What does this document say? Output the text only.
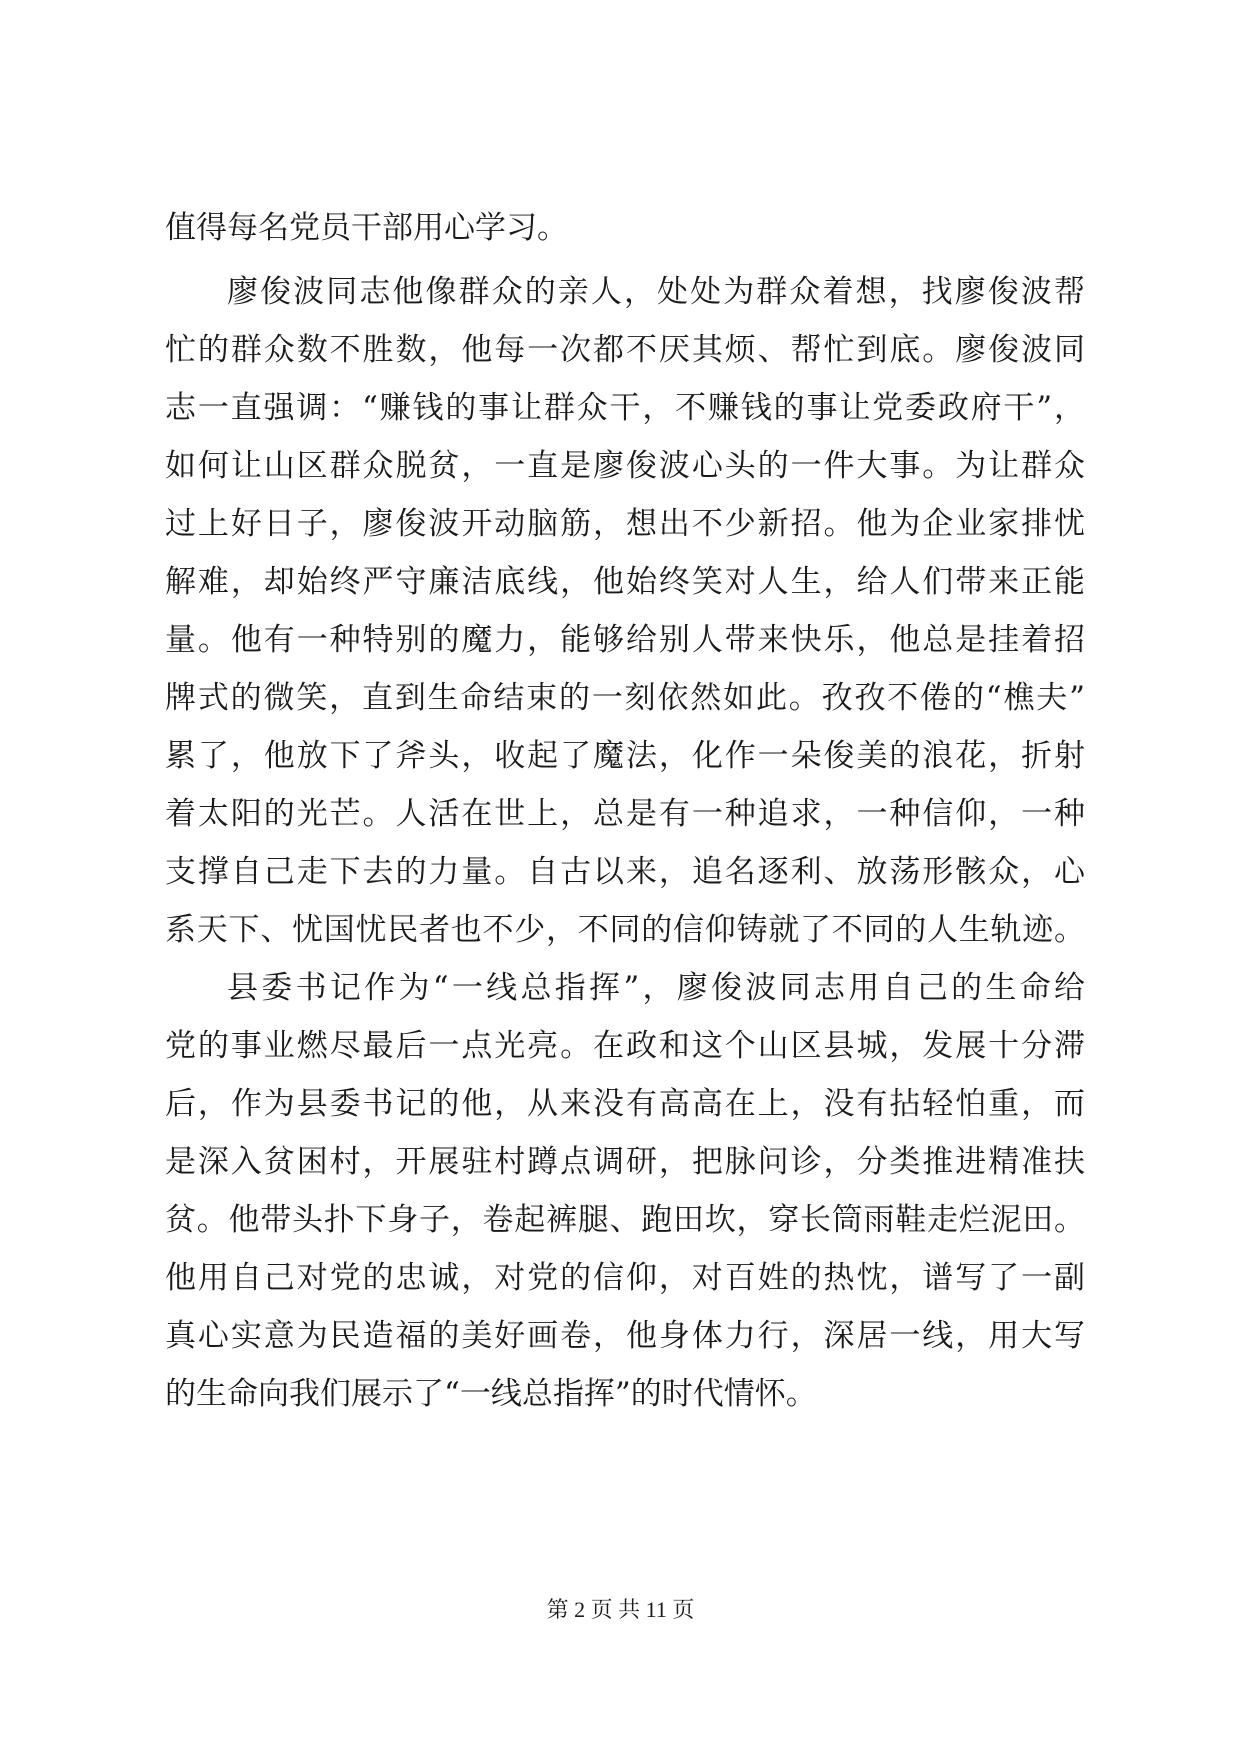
值得每名党员干部用心学习。
廖俊波同志他像群众的亲人，处处为群众着想，找廖俊波帮
忙的群众数不胜数，他每一次都不厌其烦、帮忙到底。廖俊波同
志一直强调：“赚钱的事让群众干，不赚钱的事让党委政府干”，
如何让山区群众脱贫，一直是廖俊波心头的一件大事。为让群众
过上好日子，廖俊波开动脑筋，想出不少新招。他为企业家排忧
解难，却始终严守廉洁底线，他始终笑对人生，给人们带来正能
量。他有一种特别的魔力，能够给别人带来快乐，他总是挂着招
牌式的微笑，直到生命结束的一刻依然如此。孜孜不倦的“樵夫”
累了，他放下了斧头，收起了魔法，化作一朵俊美的浪花，折射
着太阳的光芒。人活在世上，总是有一种追求，一种信仰，一种
支撑自己走下去的力量。自古以来，追名逐利、放荡形骸众，心
系天下、忧国忧民者也不少，不同的信仰铸就了不同的人生轨迹。
县委书记作为“一线总指挥”，廖俊波同志用自己的生命给
党的事业燃尽最后一点光亮。在政和这个山区县城，发展十分滞
后，作为县委书记的他，从来没有高高在上，没有拈轻怕重，而
是深入贫困村，开展驻村蹲点调研，把脉问诊，分类推进精准扶
贫。他带头扑下身子，卷起裤腿、跑田坎，穿长筒雨鞋走烂泥田。
他用自己对党的忠诚，对党的信仰，对百姓的热忱，谱写了一副
真心实意为民造福的美好画卷，他身体力行，深居一线，用大写
的生命向我们展示了“一线总指挥”的时代情怀。
第 2 页 共 11 页
